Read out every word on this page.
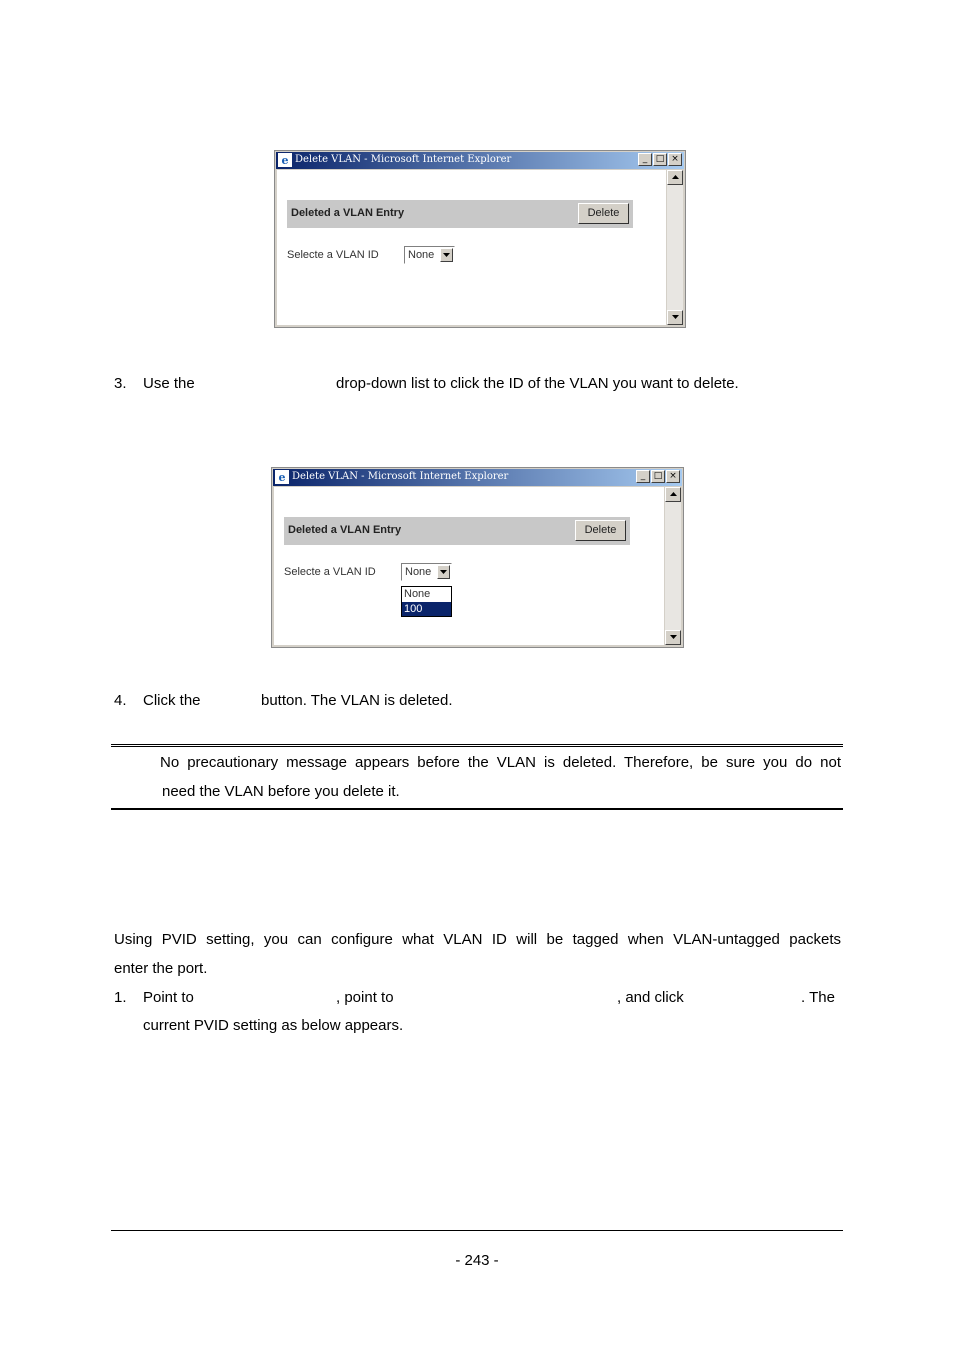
e Delete VLAN - Microsoft Internet Explorer	_ □ ×
Deleted a VLAN Entry	Delete
Selecte a VLAN ID	None
3. Use the	drop-down list to click the ID of the VLAN you want to delete.
e Delete VLAN - Microsoft Internet Explorer	_ □ ×
Deleted a VLAN Entry	Delete
Selecte a VLAN ID	None
None
100
4. Click the	button. The VLAN is deleted.
No precautionary message appears before the VLAN is deleted. Therefore, be sure you do not
need the VLAN before you delete it.
Using PVID setting, you can configure what VLAN ID will be tagged when VLAN-untagged packets
enter the port.
1. Point to	, point to	, and click	. The
current PVID setting as below appears.
- 243 -
